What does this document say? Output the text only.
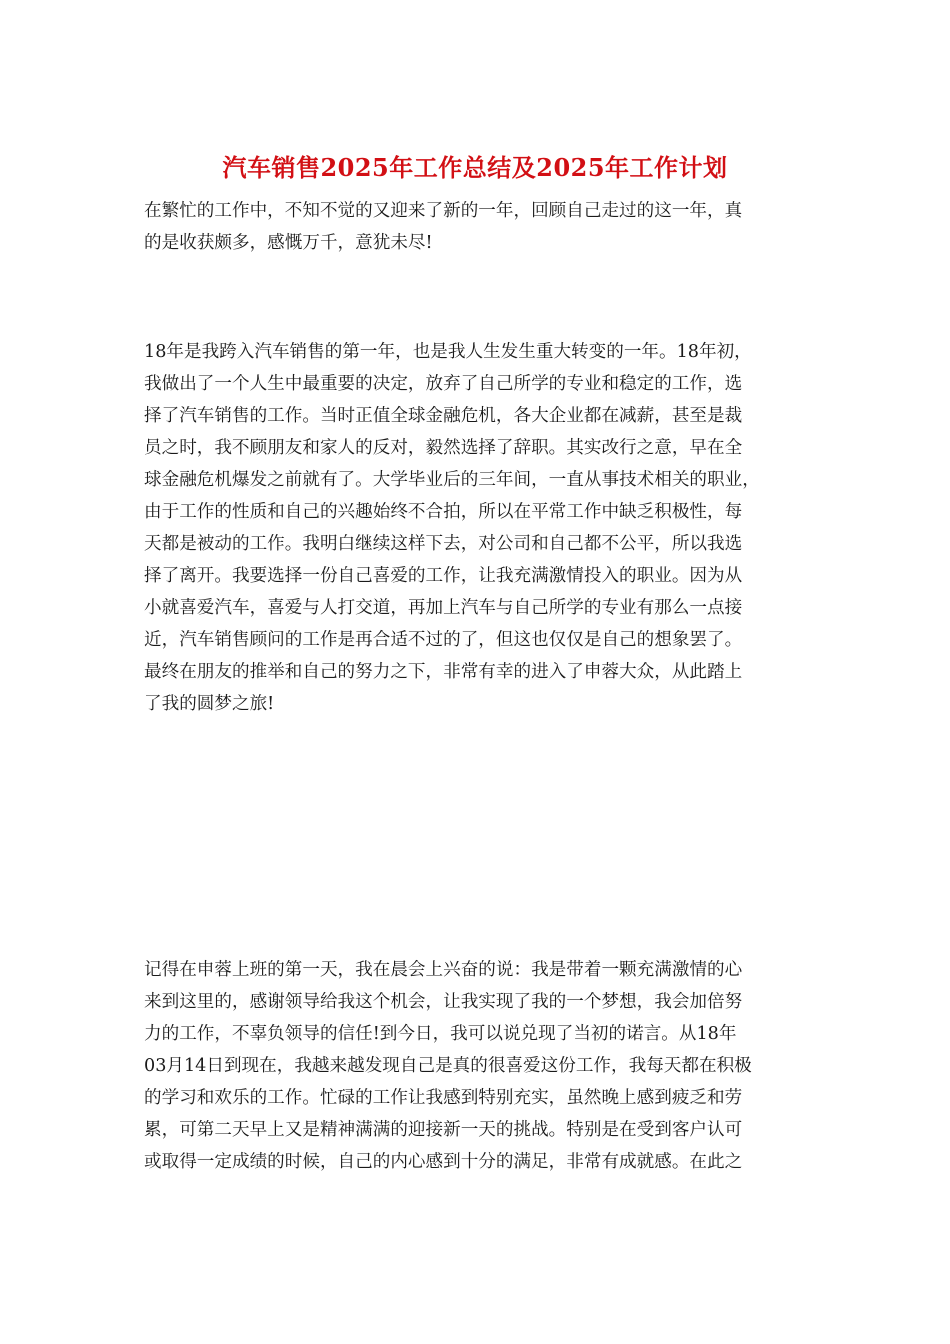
汽车销售2025年工作总结及2025年工作计划
在繁忙的工作中，不知不觉的又迎来了新的一年，回顾自己走过的这一年，真
的是收获颇多，感慨万千，意犹未尽!
18年是我跨入汽车销售的第一年，也是我人生发生重大转变的一年。18年初，
我做出了一个人生中最重要的决定，放弃了自己所学的专业和稳定的工作，选
择了汽车销售的工作。当时正值全球金融危机，各大企业都在减薪，甚至是裁
员之时，我不顾朋友和家人的反对，毅然选择了辞职。其实改行之意，早在全
球金融危机爆发之前就有了。大学毕业后的三年间，一直从事技术相关的职业，
由于工作的性质和自己的兴趣始终不合拍，所以在平常工作中缺乏积极性，每
天都是被动的工作。我明白继续这样下去，对公司和自己都不公平，所以我选
择了离开。我要选择一份自己喜爱的工作，让我充满激情投入的职业。因为从
小就喜爱汽车，喜爱与人打交道，再加上汽车与自己所学的专业有那么一点接
近，汽车销售顾问的工作是再合适不过的了，但这也仅仅是自己的想象罢了。
最终在朋友的推举和自己的努力之下，非常有幸的进入了申蓉大众，从此踏上
了我的圆梦之旅!
记得在申蓉上班的第一天，我在晨会上兴奋的说：我是带着一颗充满激情的心
来到这里的，感谢领导给我这个机会，让我实现了我的一个梦想，我会加倍努
力的工作，不辜负领导的信任!到今日，我可以说兑现了当初的诺言。从18年
03月14日到现在，我越来越发现自己是真的很喜爱这份工作，我每天都在积极
的学习和欢乐的工作。忙碌的工作让我感到特别充实，虽然晚上感到疲乏和劳
累，可第二天早上又是精神满满的迎接新一天的挑战。特别是在受到客户认可
或取得一定成绩的时候，自己的内心感到十分的满足，非常有成就感。在此之
